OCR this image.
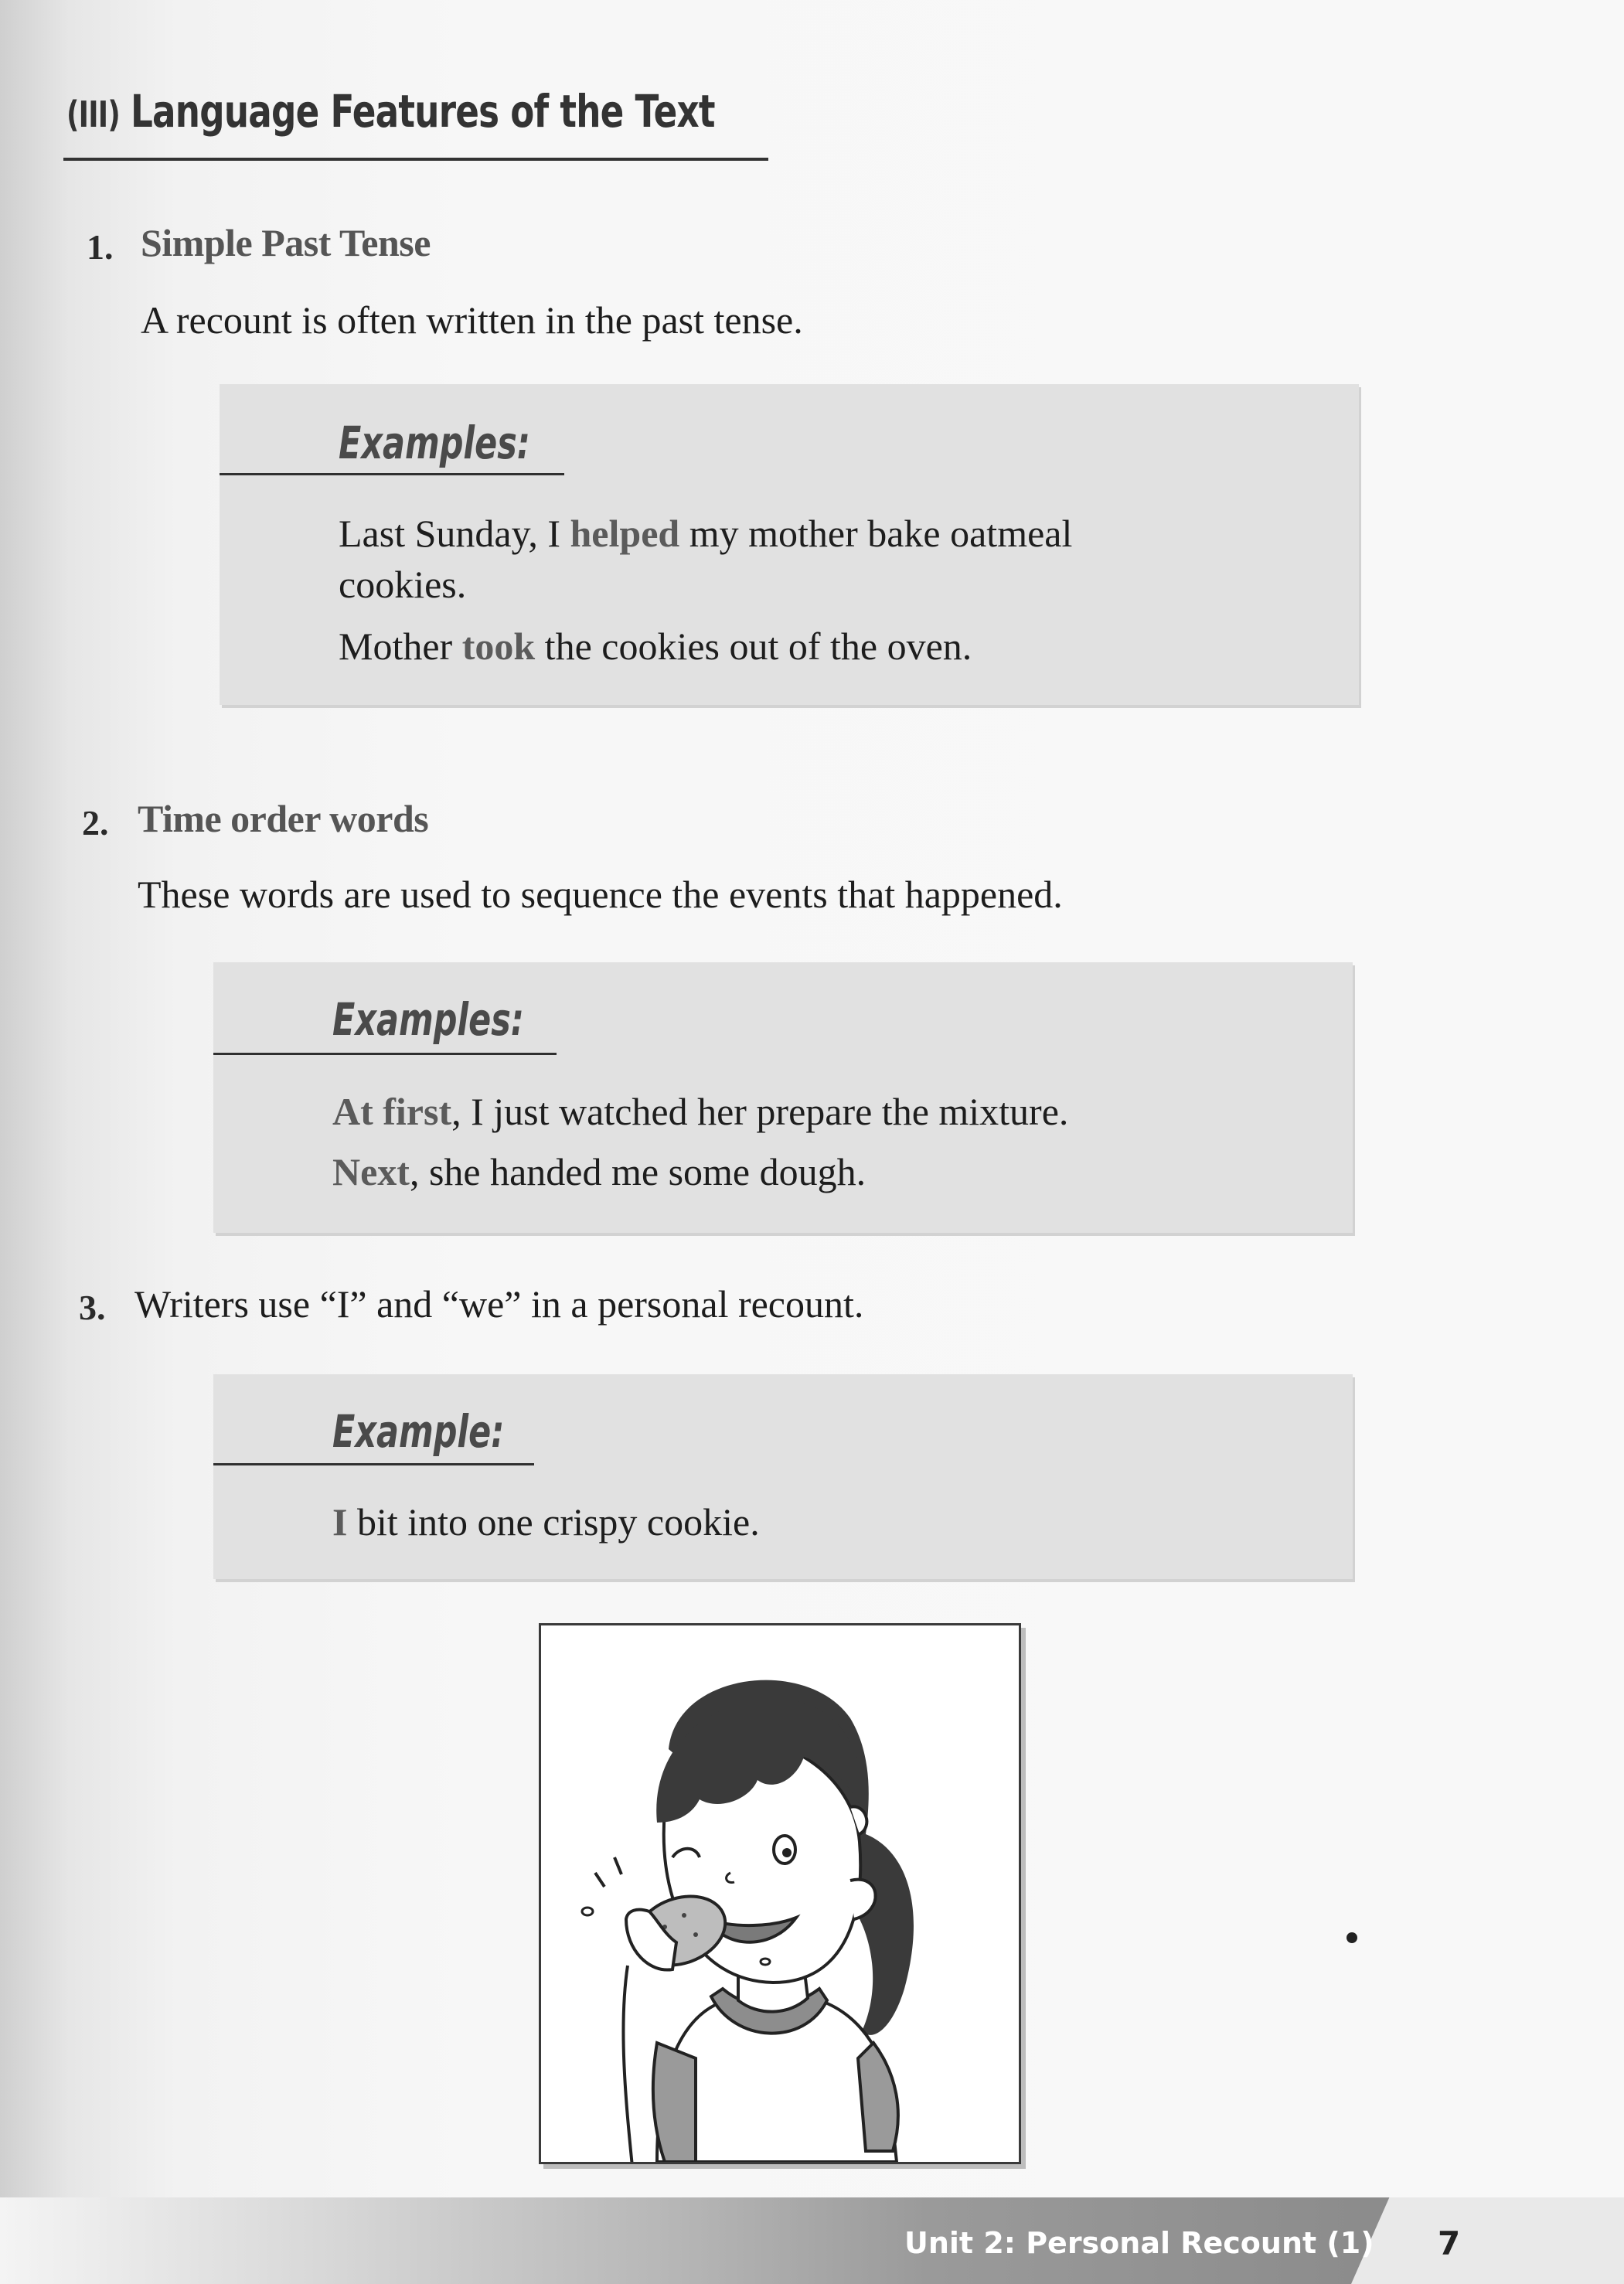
(III) Language Features of the Text
1. Simple Past Tense
A recount is often written in the past tense.
Examples:
Last Sunday, I helped my mother bake oatmeal
cookies.
Mother took the cookies out of the oven.
2. Time order words
These words are used to sequence the events that happened.
Examples:
At first, I just watched her prepare the mixture.
Next, she handed me some dough.
3. Writers use “I” and “we” in a personal recount.
Example:
I bit into one crispy cookie.
Unit 2: Personal Recount (1) 7
